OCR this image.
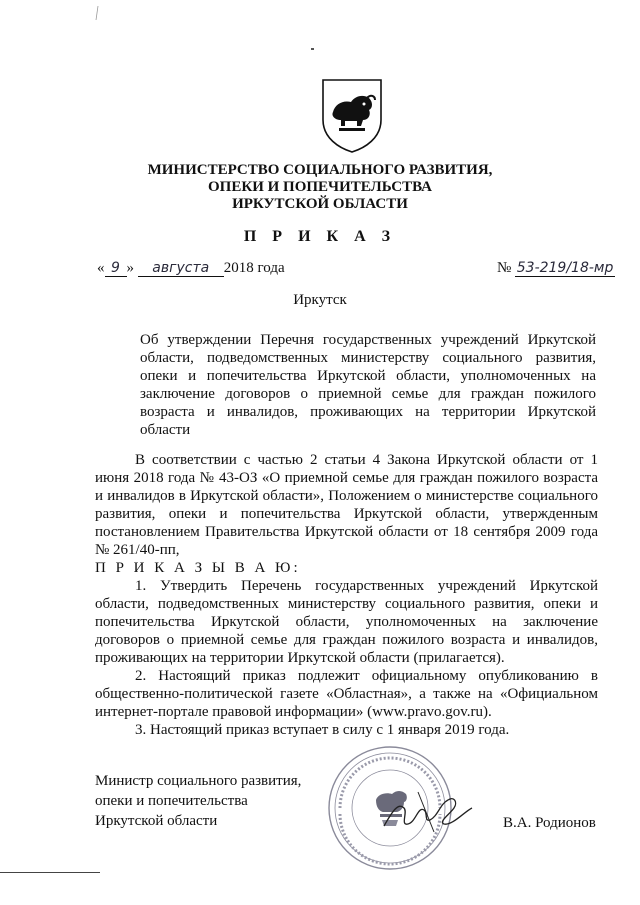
МИНИСТЕРСТВО СОЦИАЛЬНОГО РАЗВИТИЯ,
ОПЕКИ И ПОПЕЧИТЕЛЬСТВА
ИРКУТСКОЙ ОБЛАСТИ
П Р И К А З
« 9 » августа 2018 года	№ 53-219/18-мр
Иркутск
Об утверждении Перечня государственных учреждений Иркутской области, подведомственных министерству социального развития, опеки и попечительства Иркутской области, уполномоченных на заключение договоров о приемной семье для граждан пожилого возраста и инвалидов, проживающих на территории Иркутской области

В соответствии с частью 2 статьи 4 Закона Иркутской области от 1 июня 2018 года № 43-ОЗ «О приемной семье для граждан пожилого возраста и инвалидов в Иркутской области», Положением о министерстве социального развития, опеки и попечительства Иркутской области, утвержденным постановлением Правительства Иркутской области от 18 сентября 2009 года № 261/40-пп,

П Р И К А З Ы В А Ю:

1. Утвердить Перечень государственных учреждений Иркутской области, подведомственных министерству социального развития, опеки и попечительства Иркутской области, уполномоченных на заключение договоров о приемной семье для граждан пожилого возраста и инвалидов, проживающих на территории Иркутской области (прилагается).

2. Настоящий приказ подлежит официальному опубликованию в общественно-политической газете «Областная», а также на «Официальном интернет-портале правовой информации» (www.pravo.gov.ru).

3. Настоящий приказ вступает в силу с 1 января 2019 года.

Министр социального развития,
опеки и попечительства
Иркутской области	В.А. Родионов
